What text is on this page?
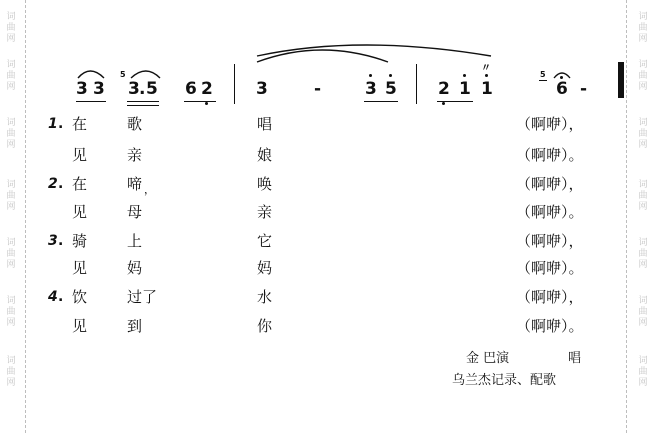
词
曲
网
词
曲
网
词
曲
网
词
曲
网
词
曲
网
词
曲
网
词
曲
网
词
曲
网
词
曲
网
词
曲
网
词
曲
网
词
曲
网
词
曲
网
词
曲
网
3 3
5
3 . 5 6 2	3	-	3 5 2 1 1
〃
5
6 -
1 . 在	歌	唱	（啊咿），
见	亲	娘	（啊咿）。
2 . 在	啼 ，	唤	（啊咿），
见	母	亲	（啊咿）。
3 . 骑	上	它	（啊咿），
见	妈	妈	（啊咿）。
4 . 饮	过了	水	（啊咿），
见	到	你	（啊咿）。
金 巴演	唱
乌兰杰记录、配歌
